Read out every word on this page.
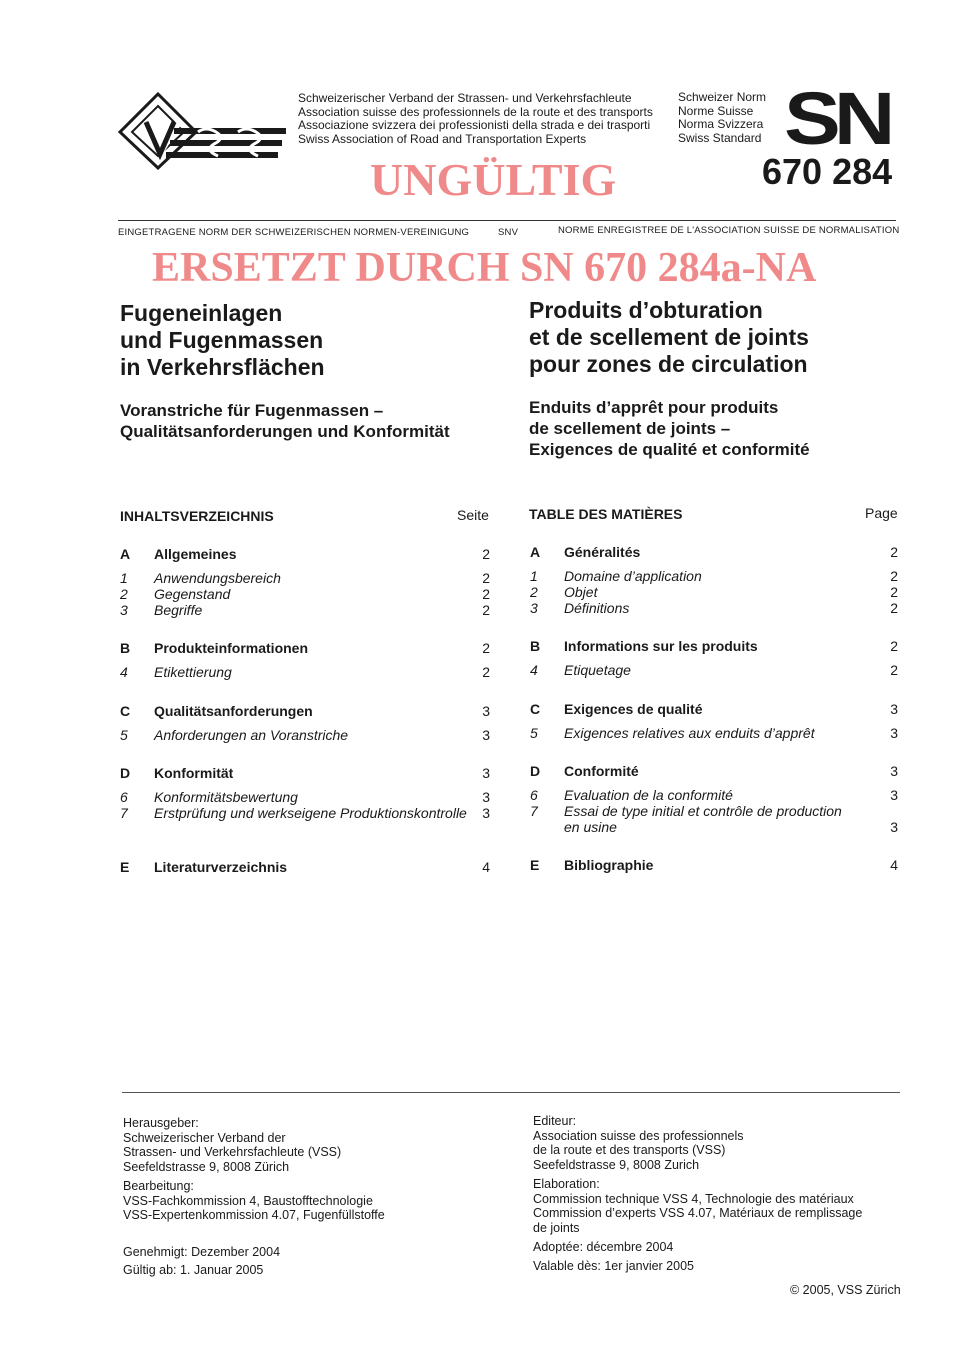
Schweizerischer Verband der Strassen- und Verkehrsfachleute
Association suisse des professionnels de la route et des transports
Associazione svizzera dei professionisti della strada e dei trasporti
Swiss Association of Road and Transportation Experts
Schweizer Norm
Norme Suisse
Norma Svizzera
Swiss Standard SN
670 284
UNGÜLTIG
EINGETRAGENE NORM DER SCHWEIZERISCHEN NORMEN-VEREINIGUNG	SNV	NORME ENREGISTREE DE L'ASSOCIATION SUISSE DE NORMALISATION
ERSETZT DURCH SN 670 284a-NA
Fugeneinlagen
und Fugenmassen
in Verkehrsflächen
Produits d’obturation
et de scellement de joints
pour zones de circulation
Voranstriche für Fugenmassen –
Qualitätsanforderungen und Konformität
Enduits d’apprêt pour produits
de scellement de joints –
Exigences de qualité et conformité
INHALTSVERZEICHNIS	Seite	TABLE DES MATIÈRES	Page
A Allgemeines	2
1 Anwendungsbereich	2
2 Gegenstand	2
3 Begriffe	2
B Produkteinformationen	2
4 Etikettierung	2
C Qualitätsanforderungen	3
5 Anforderungen an Voranstriche	3
D Konformität	3
6 Konformitätsbewertung	3
7 Erstprüfung und werkseigene Produktionskontrolle	3
E Literaturverzeichnis	4
A Généralités	2
1 Domaine d’application	2
2 Objet	2
3 Définitions	2
B Informations sur les produits	2
4 Etiquetage	2
C Exigences de qualité	3
5 Exigences relatives aux enduits d’apprêt	3
D Conformité	3
6 Evaluation de la conformité	3
7 Essai de type initial et contrôle de production
en usine	3
E Bibliographie	4
Herausgeber:
Schweizerischer Verband der
Strassen- und Verkehrsfachleute (VSS)
Seefeldstrasse 9, 8008 Zürich
Bearbeitung:
VSS-Fachkommission 4, Baustofftechnologie
VSS-Expertenkommission 4.07, Fugenfüllstoffe
Genehmigt: Dezember 2004
Gültig ab: 1. Januar 2005
Editeur:
Association suisse des professionnels
de la route et des transports (VSS)
Seefeldstrasse 9, 8008 Zurich
Elaboration:
Commission technique VSS 4, Technologie des matériaux
Commission d’experts VSS 4.07, Matériaux de remplissage
de joints
Adoptée: décembre 2004
Valable dès: 1er janvier 2005
© 2005, VSS Zürich
